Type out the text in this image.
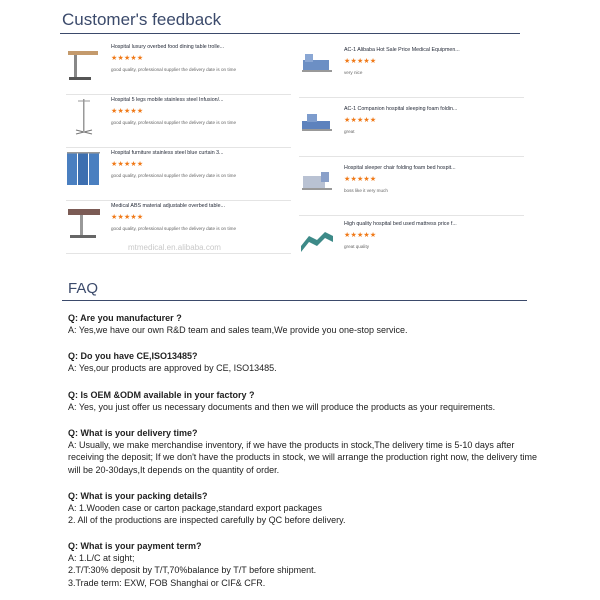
Customer's feedback
Hospital luxury overbed food dining table trolle...
★★★★★
good quality, professional supplier the delivery date is on time
Hospital 5 legs mobile stainless steel Infusion/...
★★★★★
good quality, professional supplier the delivery date is on time
Hospital furniture stainless steel blue curtain 3...
★★★★★
good quality, professional supplier the delivery date is on time
Medical ABS material adjustable overbed table...
★★★★★
good quality, professional supplier the delivery date is on time
mtmedical.en.alibaba.com
AC-1 Alibaba Hot Sale Price Medical Equipmen...
★★★★★
very nice
AC-1 Companion hospital sleeping foam foldin...
★★★★★
great
Hospital sleeper chair folding foam bed hospit...
★★★★★
boss like it very much
High quality hospital bed used mattress price f...
★★★★★
great quality
FAQ
Q: Are you manufacturer ?
A: Yes,we have our own R&D team and sales team,We provide you one-stop service.
Q: Do you have CE,ISO13485?
A: Yes,our products are approved by CE, ISO13485.
Q: Is OEM &ODM available in your factory ?
A: Yes, you just offer us necessary documents and then we will produce the products as your requirements.
Q: What is your delivery time?
A: Usually, we make merchandise inventory, if we have the products in stock,The delivery time is 5-10 days after receiving the deposit; If we don't have the products in stock, we will arrange the production right now, the delivery time will be 20-30days,It depends on the quantity of order.
Q: What is your packing details?
A: 1.Wooden case or carton package,standard export packages
2. All of the productions are inspected carefully by QC before delivery.
Q: What is your payment term?
A: 1.L/C at sight;
2.T/T:30% deposit by T/T,70%balance by T/T before shipment.
3.Trade term: EXW, FOB Shanghai or CIF& CFR.
